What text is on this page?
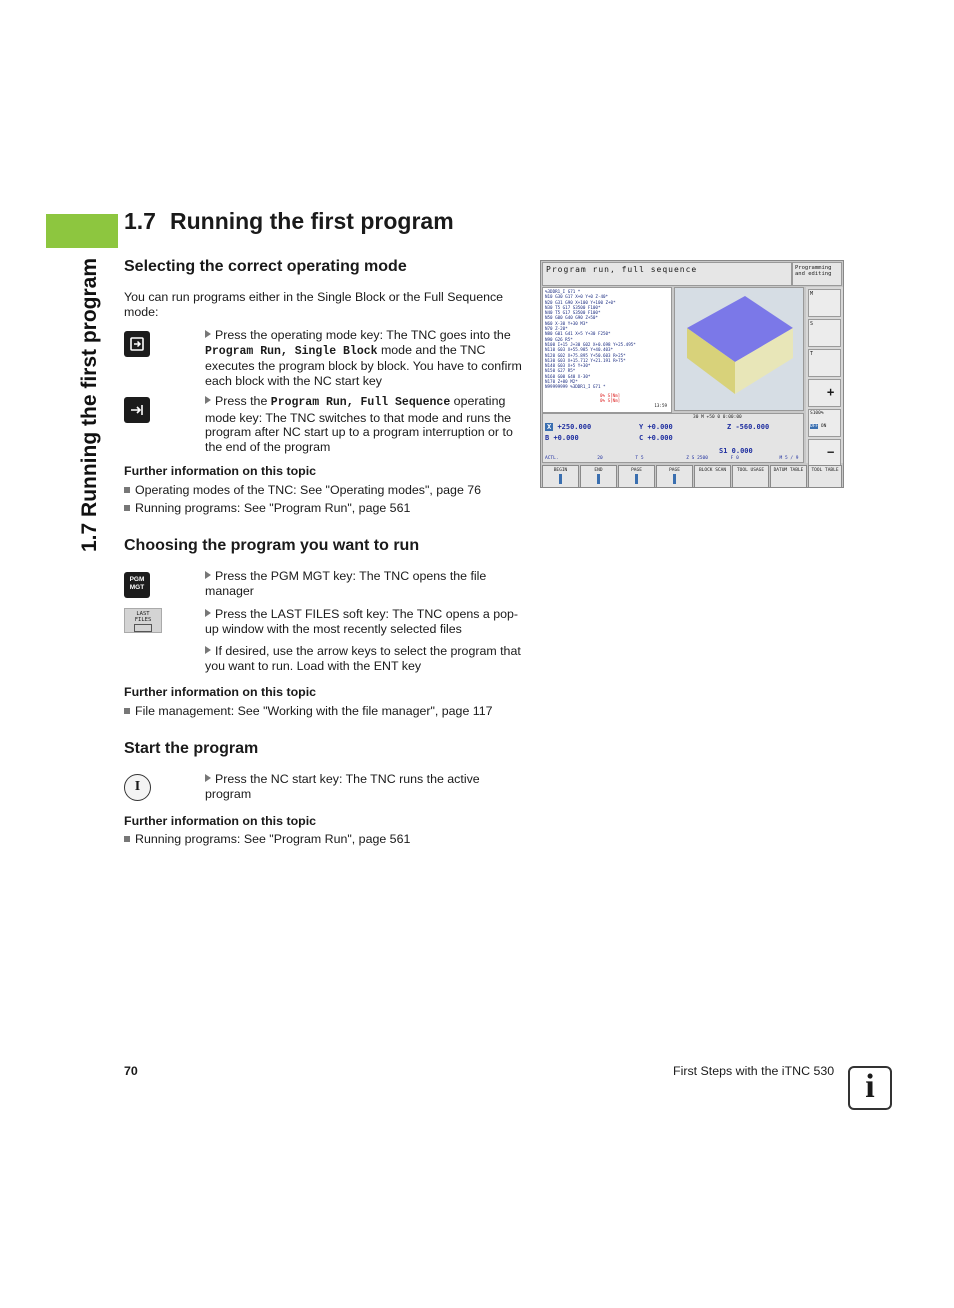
1.7 Running the first program
1.7 Running the first program
Selecting the correct operating mode
You can run programs either in the Single Block or the Full Sequence mode:
Press the operating mode key: The TNC goes into the Program Run, Single Block mode and the TNC executes the program block by block. You have to confirm each block with the NC start key
Press the Program Run, Full Sequence operating mode key: The TNC switches to that mode and runs the program after NC start up to a program interruption or to the end of the program
Further information on this topic
Operating modes of the TNC: See "Operating modes", page 76
Running programs: See "Program Run", page 561
Choosing the program you want to run
PGM
MGT
Press the PGM MGT key: The TNC opens the file manager
LAST
FILES	Press the LAST FILES soft key: The TNC opens a pop-up window with the most recently selected files
If desired, use the arrow keys to select the program that you want to run. Load with the ENT key
Further information on this topic
File management: See "Working with the file manager", page 117
Start the program
I	Press the NC start key: The TNC runs the active program
Further information on this topic
Running programs: See "Program Run", page 561
Program run, full sequence	Programming
and editing
%3DDR1_I G71 *
N10 G30 G17 X+0 Y+0 Z-40*
N20 G31 G90 X+100 Y+100 Z+0*
N30 T5 G17 S3500 F100*
N40 T5 G17 S3500 F100*
N50 G00 G40 G90 Z+50*
N60 X-30 Y+30 M3*
N70 Z-20*
N80 G01 G41 X+5 Y+30 F250*
N90 G26 R5*
N100 I+15 J+30 G02 X+0.698 Y+25.495*
N110 G03 X+55.985 Y+40.403*
N120 G02 X+75.895 Y+50.603 R+25*
N130 G03 X+15.712 Y+21.191 R+75*
N140 G03 X+5 Y+30*
N150 G27 R5*
N160 G00 G40 X-30*
N170 Z+80 M2*
N99999999 %3DDR1_I G71 *
0% S[Nm]
0% S[Nm]
13:59
M
S
T
+
S100%
OFF ON
−
30 M +50 0 0:00:00
X +250.000	Y +0.000	Z -560.000
B +0.000	C +0.000
S1 0.000
ACTL.	20	T 5	Z S 2500	F 0	M 5 / 9
BEGIN	END	PAGE	PAGE	BLOCK SCAN	TOOL USAGE	DATUM TABLE	TOOL TABLE
70	First Steps with the iTNC 530 i
